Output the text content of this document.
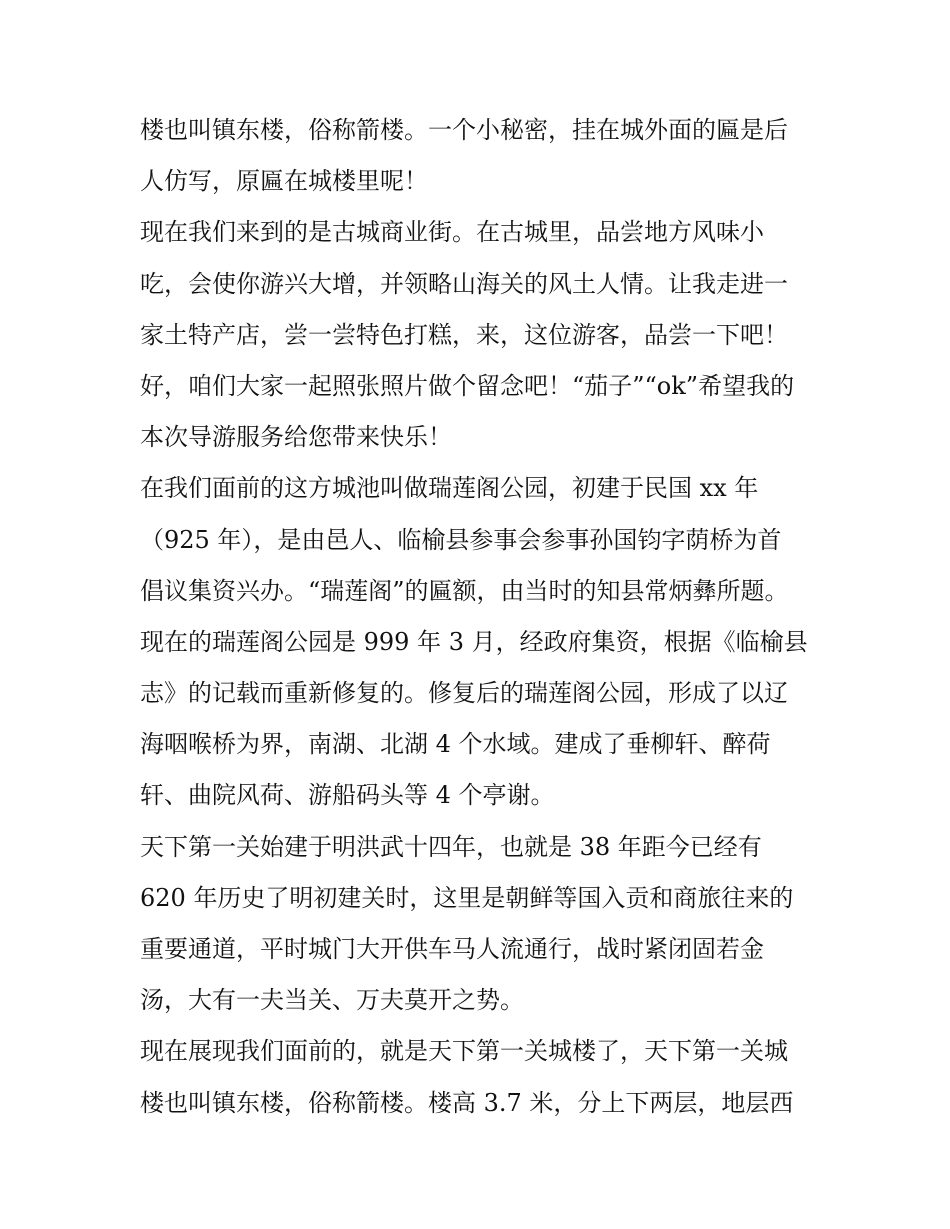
楼也叫镇东楼，俗称箭楼。一个小秘密，挂在城外面的匾是后
人仿写，原匾在城楼里呢！
现在我们来到的是古城商业街。在古城里，品尝地方风味小
吃，会使你游兴大增，并领略山海关的风土人情。让我走进一
家土特产店，尝一尝特色打糕，来，这位游客，品尝一下吧！
好，咱们大家一起照张照片做个留念吧！“茄子”“ok”希望我的
本次导游服务给您带来快乐！
在我们面前的这方城池叫做瑞莲阁公园，初建于民国 xx 年
（925 年），是由邑人、临榆县参事会参事孙国钧字荫桥为首
倡议集资兴办。“瑞莲阁”的匾额，由当时的知县常炳彝所题。
现在的瑞莲阁公园是 999 年 3 月，经政府集资，根据《临榆县
志》的记载而重新修复的。修复后的瑞莲阁公园，形成了以辽
海咽喉桥为界，南湖、北湖 4 个水域。建成了垂柳轩、醉荷
轩、曲院风荷、游船码头等 4 个亭谢。
天下第一关始建于明洪武十四年，也就是 38 年距今已经有
620 年历史了明初建关时，这里是朝鲜等国入贡和商旅往来的
重要通道，平时城门大开供车马人流通行，战时紧闭固若金
汤，大有一夫当关、万夫莫开之势。
现在展现我们面前的，就是天下第一关城楼了，天下第一关城
楼也叫镇东楼，俗称箭楼。楼高 3.7 米，分上下两层，地层西
